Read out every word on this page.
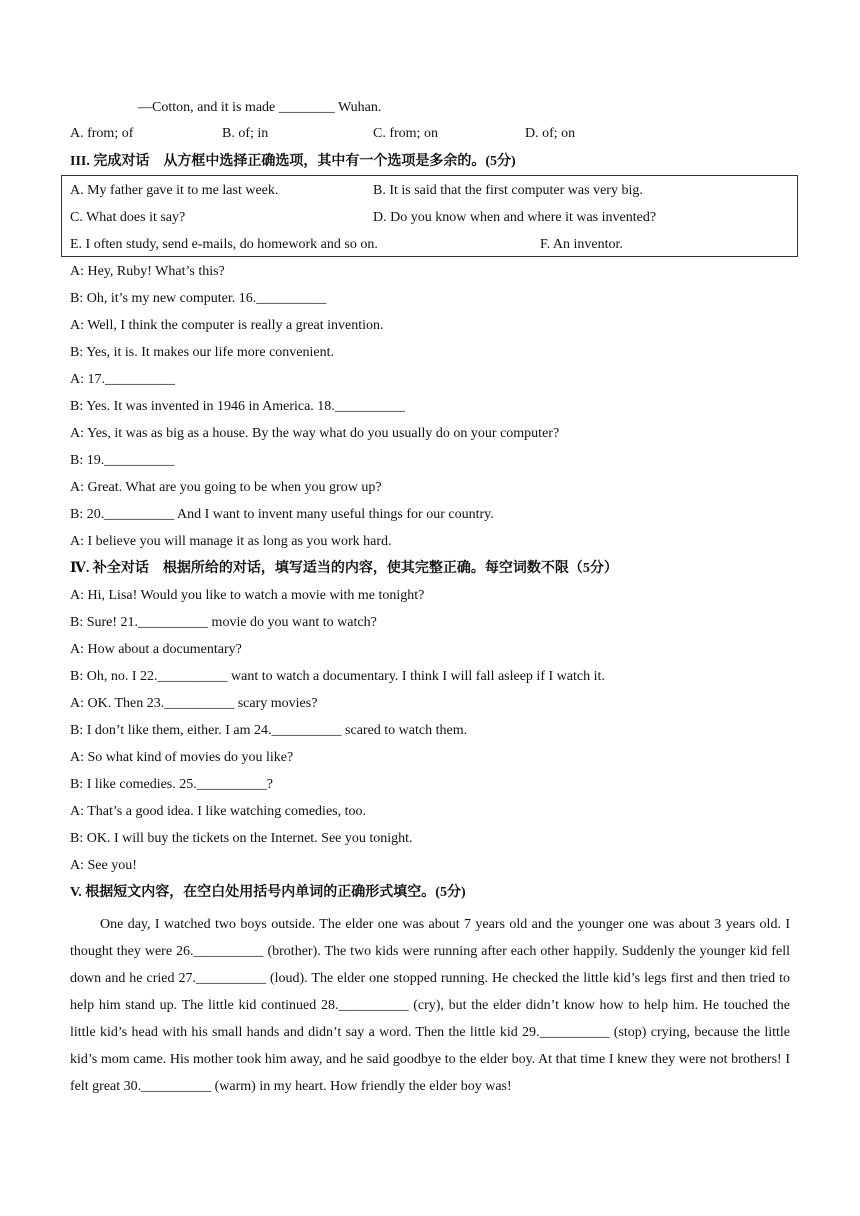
—Cotton, and it is made ________ Wuhan.
A. from; of	B. of; in	C. from; on	D. of; on
III. 完成对话　从方框中选择正确选项，其中有一个选项是多余的。(5分)
A. My father gave it to me last week.	B. It is said that the first computer was very big.
C. What does it say?	D. Do you know when and where it was invented?
E. I often study, send e-mails, do homework and so on.	F. An inventor.
A: Hey, Ruby! What’s this?
B: Oh, it’s my new computer. 16.__________
A: Well, I think the computer is really a great invention.
B: Yes, it is. It makes our life more convenient.
A: 17.__________
B: Yes. It was invented in 1946 in America. 18.__________
A: Yes, it was as big as a house. By the way what do you usually do on your computer?
B: 19.__________
A: Great. What are you going to be when you grow up?
B: 20.__________ And I want to invent many useful things for our country.
A: I believe you will manage it as long as you work hard.
Ⅳ. 补全对话　根据所给的对话，填写适当的内容，使其完整正确。每空词数不限（5分）
A: Hi, Lisa! Would you like to watch a movie with me tonight?
B: Sure! 21.__________ movie do you want to watch?
A: How about a documentary?
B: Oh, no. I 22.__________ want to watch a documentary. I think I will fall asleep if I watch it.
A: OK. Then 23.__________ scary movies?
B: I don’t like them, either. I am 24.__________ scared to watch them.
A: So what kind of movies do you like?
B: I like comedies. 25.__________?
A: That’s a good idea. I like watching comedies, too.
B: OK. I will buy the tickets on the Internet. See you tonight.
A: See you!
V. 根据短文内容，在空白处用括号内单词的正确形式填空。(5分)
One day, I watched two boys outside. The elder one was about 7 years old and the younger one was about 3 years old. I thought they were 26.__________ (brother). The two kids were running after each other happily. Suddenly the younger kid fell down and he cried 27.__________ (loud). The elder one stopped running. He checked the little kid’s legs first and then tried to help him stand up. The little kid continued 28.__________ (cry), but the elder didn’t know how to help him. He touched the little kid’s head with his small hands and didn’t say a word. Then the little kid 29.__________ (stop) crying, because the little kid’s mom came. His mother took him away, and he said goodbye to the elder boy. At that time I knew they were not brothers! I felt great 30.__________ (warm) in my heart. How friendly the elder boy was!
